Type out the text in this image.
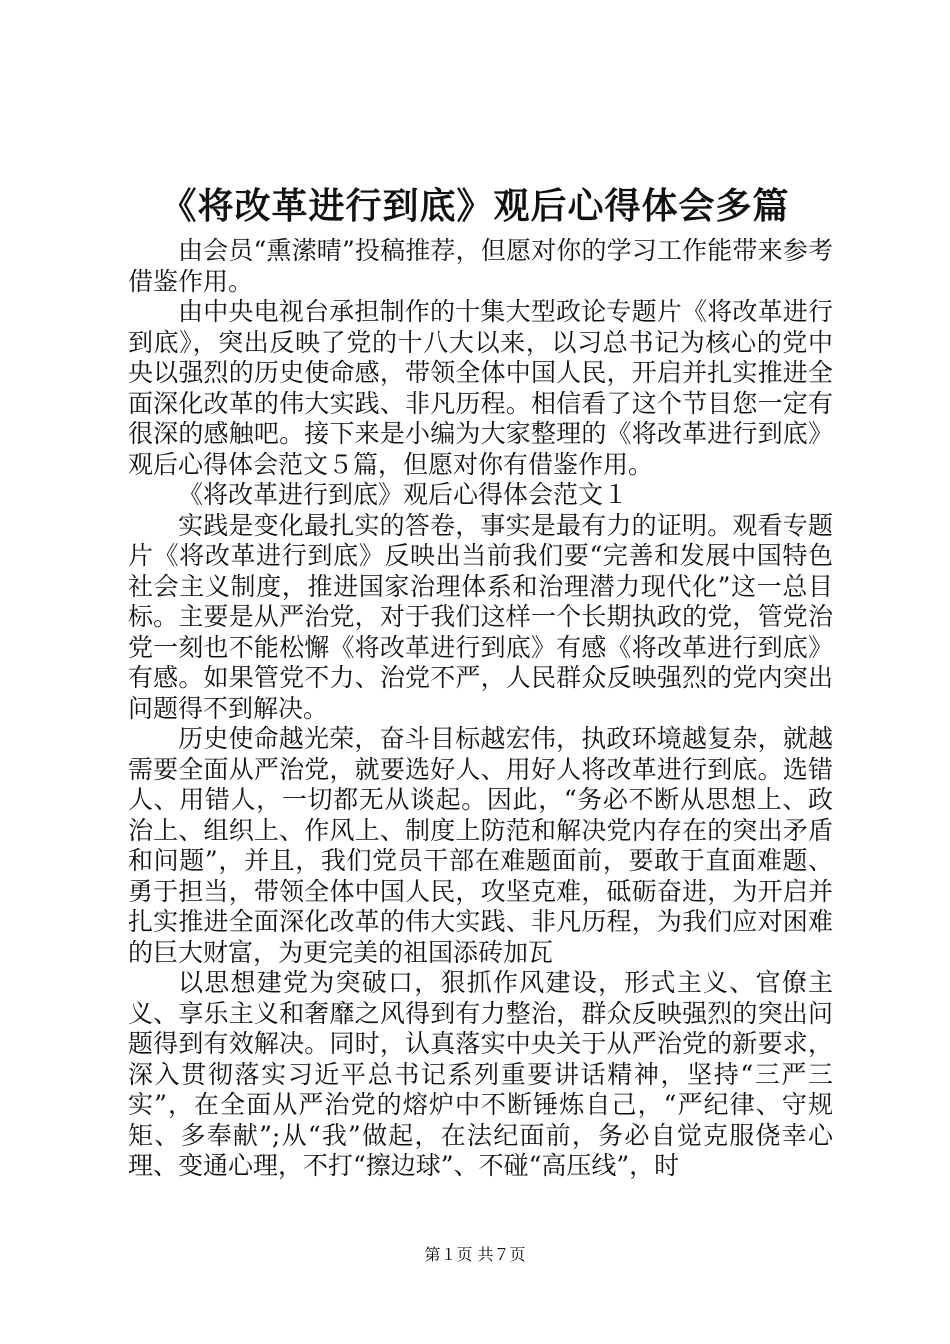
《将改革进行到底》观后心得体会多篇

由会员“熏潆晴”投稿推荐，但愿对你的学习工作能带来参考借鉴作用。

由中央电视台承担制作的十集大型政论专题片《将改革进行到底》，突出反映了党的十八大以来，以习总书记为核心的党中央以强烈的历史使命感，带领全体中国人民，开启并扎实推进全面深化改革的伟大实践、非凡历程。相信看了这个节目您一定有很深的感触吧。接下来是小编为大家整理的《将改革进行到底》观后心得体会范文５篇，但愿对你有借鉴作用。

《将改革进行到底》观后心得体会范文１

实践是变化最扎实的答卷，事实是最有力的证明。观看专题片《将改革进行到底》反映出当前我们要“完善和发展中国特色社会主义制度，推进国家治理体系和治理潜力现代化”这一总目标。主要是从严治党，对于我们这样一个长期执政的党，管党治党一刻也不能松懈《将改革进行到底》有感《将改革进行到底》有感。如果管党不力、治党不严，人民群众反映强烈的党内突出问题得不到解决。

历史使命越光荣，奋斗目标越宏伟，执政环境越复杂，就越需要全面从严治党，就要选好人、用好人将改革进行到底。选错人、用错人，一切都无从谈起。因此，“务必不断从思想上、政治上、组织上、作风上、制度上防范和解决党内存在的突出矛盾和问题”，并且，我们党员干部在难题面前，要敢于直面难题、勇于担当，带领全体中国人民，攻坚克难，砥砺奋进，为开启并扎实推进全面深化改革的伟大实践、非凡历程，为我们应对困难的巨大财富，为更完美的祖国添砖加瓦

以思想建党为突破口，狠抓作风建设，形式主义、官僚主义、享乐主义和奢靡之风得到有力整治，群众反映强烈的突出问题得到有效解决。同时，认真落实中央关于从严治党的新要求，深入贯彻落实习近平总书记系列重要讲话精神，坚持“三严三实”，在全面从严治党的熔炉中不断锤炼自己，“严纪律、守规矩、多奉献”;从“我”做起，在法纪面前，务必自觉克服侥幸心理、变通心理，不打“擦边球”、不碰“高压线”，时

第１页 共７页
